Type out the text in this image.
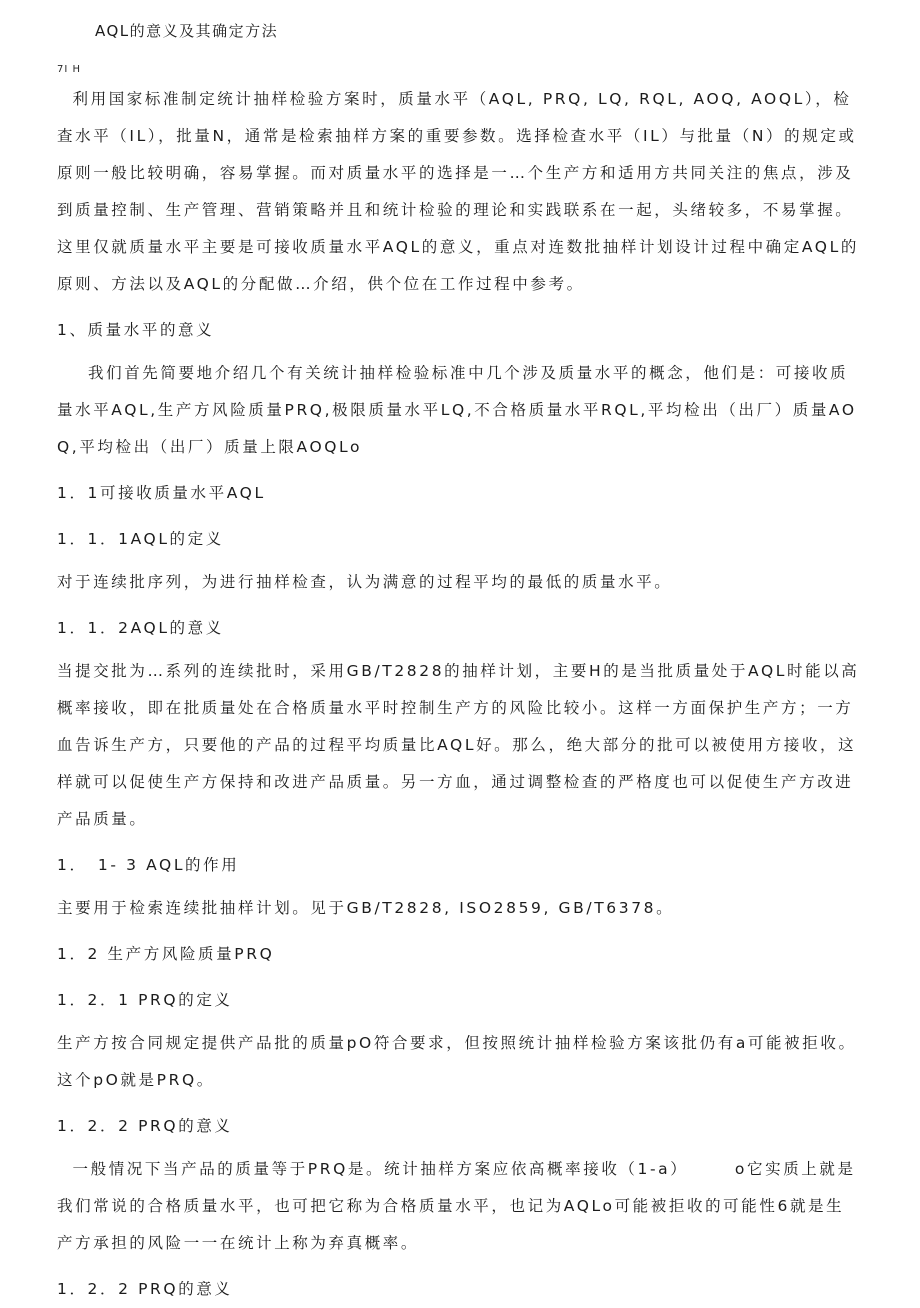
AQL的意义及其确定方法
7I H

利用国家标准制定统计抽样检验方案时，质量水平（AQL, PRQ, LQ, RQL, AOQ, AOQL），检查水平（IL），批量N，通常是检索抽样方案的重要参数。选择检查水平（IL）与批量（N）的规定或原则一般比较明确，容易掌握。而对质量水平的选择是一…个生产方和适用方共同关注的焦点，涉及到质量控制、生产管理、营销策略并且和统计检验的理论和实践联系在一起，头绪较多，不易掌握。这里仅就质量水平主要是可接收质量水平AQL的意义，重点对连数批抽样计划设计过程中确定AQL的原则、方法以及AQL的分配做…介绍，供个位在工作过程中参考。

1、质量水平的意义

我们首先简要地介绍几个有关统计抽样检验标准中几个涉及质量水平的概念，他们是：可接收质量水平AQL,生产方风险质量PRQ,极限质量水平LQ,不合格质量水平RQL,平均检出（出厂）质量AOQ,平均检出（出厂）质量上限AOQLo

1．1可接收质量水平AQL
1．1．1AQL的定义

对于连续批序列，为进行抽样检查，认为满意的过程平均的最低的质量水平。

1．1．2AQL的意义

当提交批为…系列的连续批时，采用GB/T2828的抽样计划，主要H的是当批质量处于AQL时能以高概率接收，即在批质量处在合格质量水平时控制生产方的风险比较小。这样一方面保护生产方；一方血告诉生产方，只要他的产品的过程平均质量比AQL好。那么，绝大部分的批可以被使用方接收，这样就可以促使生产方保持和改进产品质量。另一方血，通过调整检查的严格度也可以促使生产方改进产品质量。

1．　1- 3 AQL的作用

主要用于检索连续批抽样计划。见于GB/T2828, ISO2859, GB/T6378。

1．2 生产方风险质量PRQ
1．2．1 PRQ的定义

生产方按合同规定提供产品批的质量pO符合要求，但按照统计抽样检验方案该批仍有a可能被拒收。这个pO就是PRQ。

1．2．2 PRQ的意义

一般情况下当产品的质量等于PRQ是。统计抽样方案应依高概率接收（1-a）　　　o它实质上就是我们常说的合格质量水平，也可把它称为合格质量水平，也记为AQLo可能被拒收的可能性6就是生产方承担的风险一一在统计上称为弃真概率。

1．2．2 PRQ的意义
